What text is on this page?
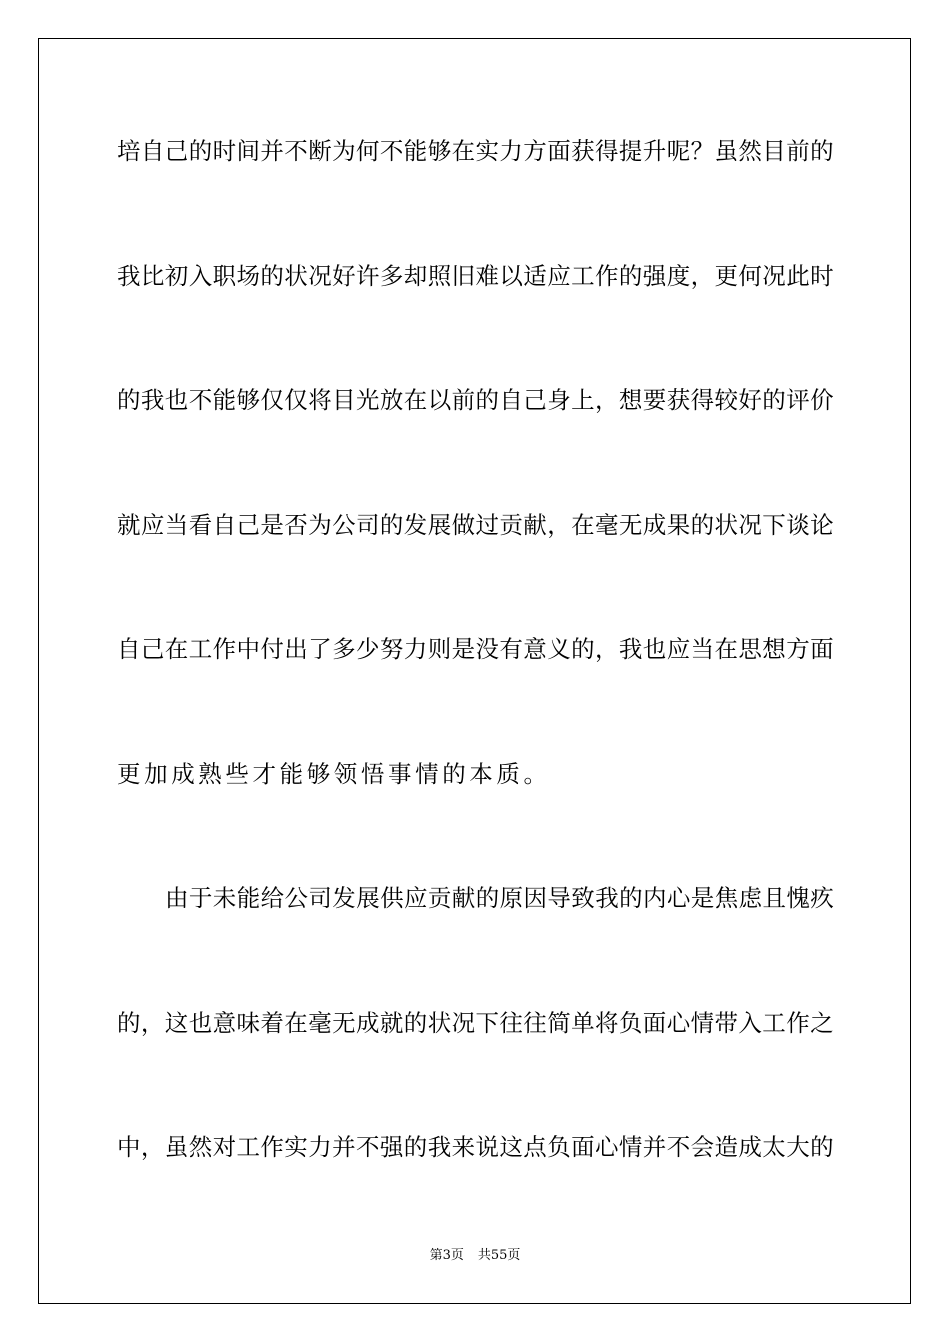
培自己的时间并不断为何不能够在实力方面获得提升呢？虽然目前的
我比初入职场的状况好许多却照旧难以适应工作的强度，更何况此时
的我也不能够仅仅将目光放在以前的自己身上，想要获得较好的评价
就应当看自己是否为公司的发展做过贡献，在毫无成果的状况下谈论
自己在工作中付出了多少努力则是没有意义的，我也应当在思想方面
更加成熟些才能够领悟事情的本质。
由于未能给公司发展供应贡献的原因导致我的内心是焦虑且愧疚
的，这也意味着在毫无成就的状况下往往简单将负面心情带入工作之
中，虽然对工作实力并不强的我来说这点负面心情并不会造成太大的
第3页 共55页
